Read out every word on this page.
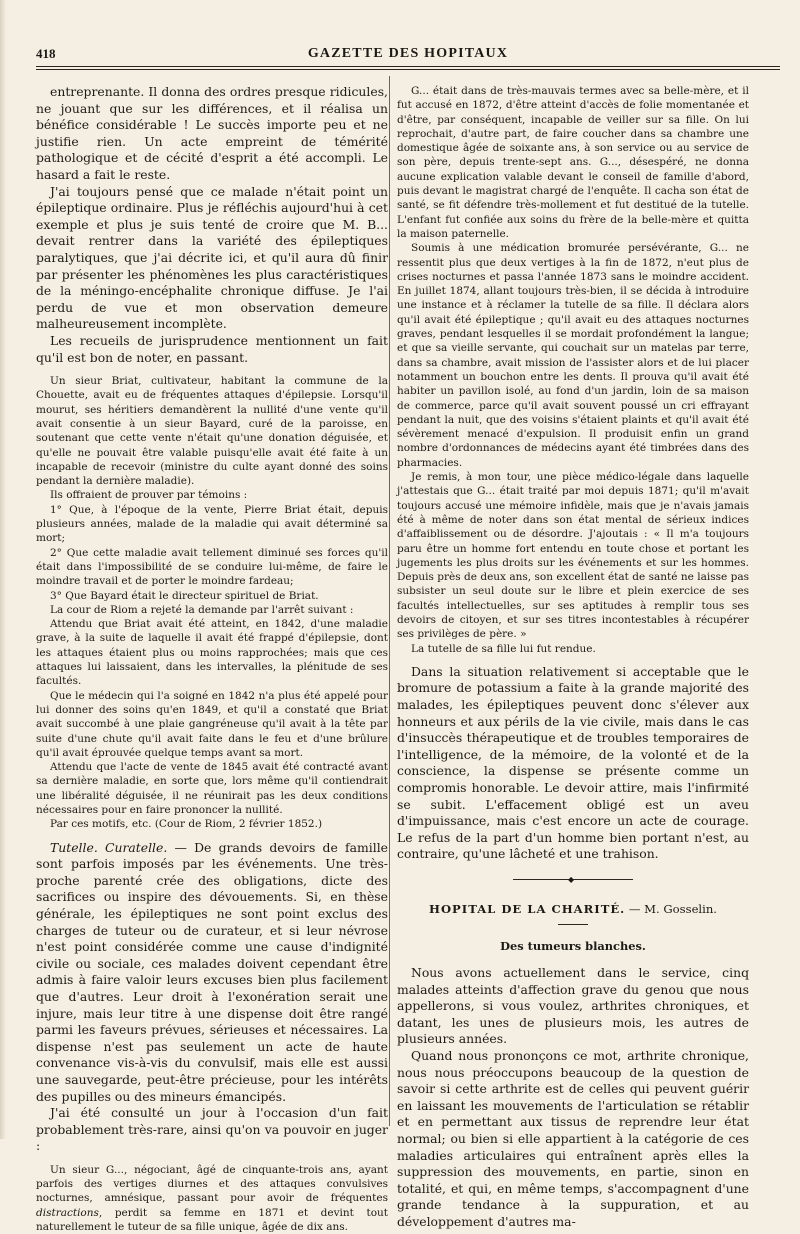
418	GAZETTE DES HOPITAUX

entreprenante. Il donna des ordres presque ridicules, ne jouant que sur les différences, et il réalisa un bénéfice considérable ! Le succès importe peu et ne justifie rien. Un acte empreint de témérité pathologique et de cécité d'esprit a été accompli. Le hasard a fait le reste.

J'ai toujours pensé que ce malade n'était point un épileptique ordinaire. Plus je réfléchis aujourd'hui à cet exemple et plus je suis tenté de croire que M. B... devait rentrer dans la variété des épileptiques paralytiques, que j'ai décrite ici, et qu'il aura dû finir par présenter les phénomènes les plus caractéristiques de la méningo-encéphalite chronique diffuse. Je l'ai perdu de vue et mon observation demeure malheureusement incomplète.

Les recueils de jurisprudence mentionnent un fait qu'il est bon de noter, en passant.

Un sieur Briat, cultivateur, habitant la commune de la Chouette, avait eu de fréquentes attaques d'épilepsie. Lorsqu'il mourut, ses héritiers demandèrent la nullité d'une vente qu'il avait consentie à un sieur Bayard, curé de la paroisse, en soutenant que cette vente n'était qu'une donation déguisée, et qu'elle ne pouvait être valable puisqu'elle avait été faite à un incapable de recevoir (ministre du culte ayant donné des soins pendant la dernière maladie).

Ils offraient de prouver par témoins :

1° Que, à l'époque de la vente, Pierre Briat était, depuis plusieurs années, malade de la maladie qui avait déterminé sa mort;

2° Que cette maladie avait tellement diminué ses forces qu'il était dans l'impossibilité de se conduire lui-même, de faire le moindre travail et de porter le moindre fardeau;

3° Que Bayard était le directeur spirituel de Briat.

La cour de Riom a rejeté la demande par l'arrêt suivant :

Attendu que Briat avait été atteint, en 1842, d'une maladie grave, à la suite de laquelle il avait été frappé d'épilepsie, dont les attaques étaient plus ou moins rapprochées; mais que ces attaques lui laissaient, dans les intervalles, la plénitude de ses facultés.

Que le médecin qui l'a soigné en 1842 n'a plus été appelé pour lui donner des soins qu'en 1849, et qu'il a constaté que Briat avait succombé à une plaie gangréneuse qu'il avait à la tête par suite d'une chute qu'il avait faite dans le feu et d'une brûlure qu'il avait éprouvée quelque temps avant sa mort.

Attendu que l'acte de vente de 1845 avait été contracté avant sa dernière maladie, en sorte que, lors même qu'il contiendrait une libéralité déguisée, il ne réunirait pas les deux conditions nécessaires pour en faire prononcer la nullité.

Par ces motifs, etc. (Cour de Riom, 2 février 1852.)

Tutelle. Curatelle. — De grands devoirs de famille sont parfois imposés par les événements. Une très-proche parenté crée des obligations, dicte des sacrifices ou inspire des dévouements. Si, en thèse générale, les épileptiques ne sont point exclus des charges de tuteur ou de curateur, et si leur névrose n'est point considérée comme une cause d'indignité civile ou sociale, ces malades doivent cependant être admis à faire valoir leurs excuses bien plus facilement que d'autres. Leur droit à l'exonération serait une injure, mais leur titre à une dispense doit être rangé parmi les faveurs prévues, sérieuses et nécessaires. La dispense n'est pas seulement un acte de haute convenance vis-à-vis du convulsif, mais elle est aussi une sauvegarde, peut-être précieuse, pour les intérêts des pupilles ou des mineurs émancipés.

J'ai été consulté un jour à l'occasion d'un fait probablement très-rare, ainsi qu'on va pouvoir en juger :

Un sieur G..., négociant, âgé de cinquante-trois ans, ayant parfois des vertiges diurnes et des attaques convulsives nocturnes, amnésique, passant pour avoir de fréquentes distractions, perdit sa femme en 1871 et devint tout naturellement le tuteur de sa fille unique, âgée de dix ans.

G... était dans de très-mauvais termes avec sa belle-mère, et il fut accusé en 1872, d'être atteint d'accès de folie momentanée et d'être, par conséquent, incapable de veiller sur sa fille. On lui reprochait, d'autre part, de faire coucher dans sa chambre une domestique âgée de soixante ans, à son service ou au service de son père, depuis trente-sept ans. G..., désespéré, ne donna aucune explication valable devant le conseil de famille d'abord, puis devant le magistrat chargé de l'enquête. Il cacha son état de santé, se fit défendre très-mollement et fut destitué de la tutelle. L'enfant fut confiée aux soins du frère de la belle-mère et quitta la maison paternelle.

Soumis à une médication bromurée persévérante, G... ne ressentit plus que deux vertiges à la fin de 1872, n'eut plus de crises nocturnes et passa l'année 1873 sans le moindre accident. En juillet 1874, allant toujours très-bien, il se décida à introduire une instance et à réclamer la tutelle de sa fille. Il déclara alors qu'il avait été épileptique ; qu'il avait eu des attaques nocturnes graves, pendant lesquelles il se mordait profondément la langue; et que sa vieille servante, qui couchait sur un matelas par terre, dans sa chambre, avait mission de l'assister alors et de lui placer notamment un bouchon entre les dents. Il prouva qu'il avait été habiter un pavillon isolé, au fond d'un jardin, loin de sa maison de commerce, parce qu'il avait souvent poussé un cri effrayant pendant la nuit, que des voisins s'étaient plaints et qu'il avait été sévèrement menacé d'expulsion. Il produisit enfin un grand nombre d'ordonnances de médecins ayant été timbrées dans des pharmacies.

Je remis, à mon tour, une pièce médico-légale dans laquelle j'attestais que G... était traité par moi depuis 1871; qu'il m'avait toujours accusé une mémoire infidèle, mais que je n'avais jamais été à même de noter dans son état mental de sérieux indices d'affaiblissement ou de désordre. J'ajoutais : « Il m'a toujours paru être un homme fort entendu en toute chose et portant les jugements les plus droits sur les événements et sur les hommes. Depuis près de deux ans, son excellent état de santé ne laisse pas subsister un seul doute sur le libre et plein exercice de ses facultés intellectuelles, sur ses aptitudes à remplir tous ses devoirs de citoyen, et sur ses titres incontestables à récupérer ses privilèges de père. »

La tutelle de sa fille lui fut rendue.

Dans la situation relativement si acceptable que le bromure de potassium a faite à la grande majorité des malades, les épileptiques peuvent donc s'élever aux honneurs et aux périls de la vie civile, mais dans le cas d'insuccès thérapeutique et de troubles temporaires de l'intelligence, de la mémoire, de la volonté et de la conscience, la dispense se présente comme un compromis honorable. Le devoir attire, mais l'infirmité se subit. L'effacement obligé est un aveu d'impuissance, mais c'est encore un acte de courage. Le refus de la part d'un homme bien portant n'est, au contraire, qu'une lâcheté et une trahison.

◆
HOPITAL DE LA CHARITÉ. — M. Gosselin.
Des tumeurs blanches.

Nous avons actuellement dans le service, cinq malades atteints d'affection grave du genou que nous appellerons, si vous voulez, arthrites chroniques, et datant, les unes de plusieurs mois, les autres de plusieurs années.

Quand nous prononçons ce mot, arthrite chronique, nous nous préoccupons beaucoup de la question de savoir si cette arthrite est de celles qui peuvent guérir en laissant les mouvements de l'articulation se rétablir et en permettant aux tissus de reprendre leur état normal; ou bien si elle appartient à la catégorie de ces maladies articulaires qui entraînent après elles la suppression des mouvements, en partie, sinon en totalité, et qui, en même temps, s'accompagnent d'une grande tendance à la suppuration, et au développement d'autres ma-
